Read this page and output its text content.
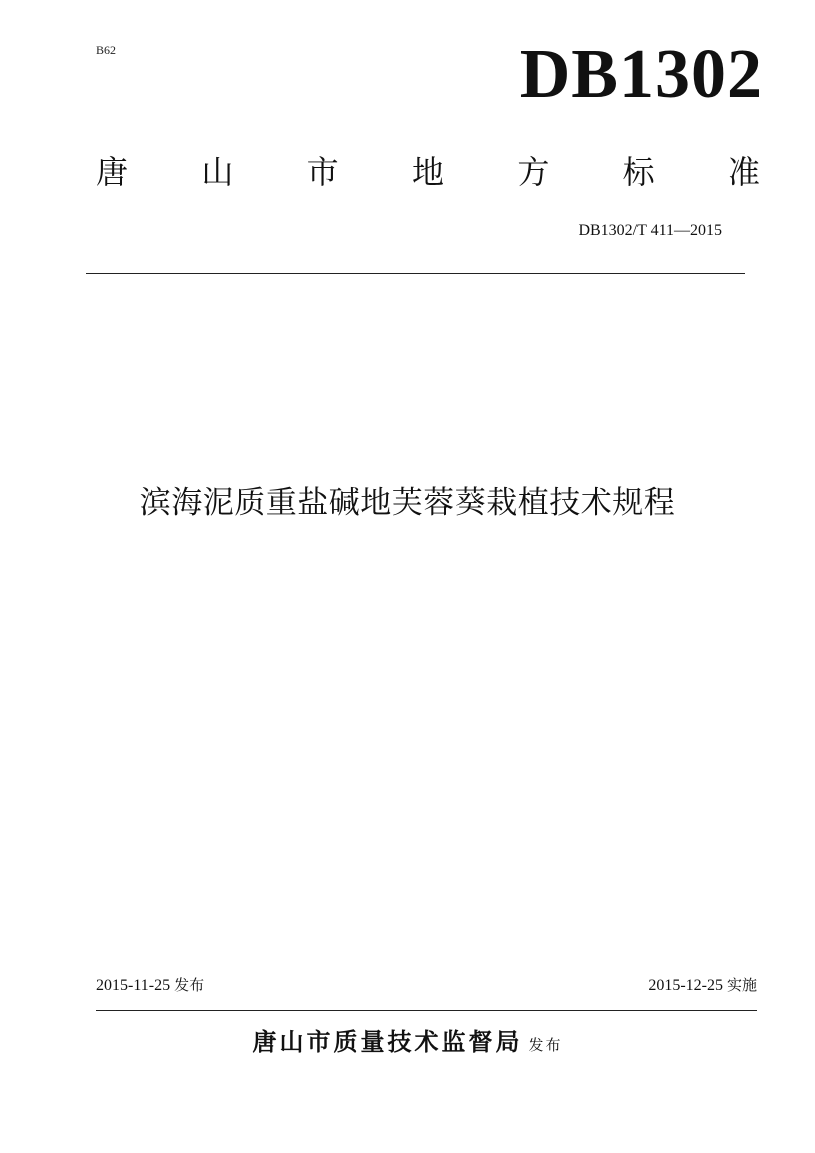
B62	DB1302
唐 山 市 地 方 标 准
DB1302/T 411—2015
滨海泥质重盐碱地芙蓉葵栽植技术规程
2015-11-25 发布	2015-12-25 实施
唐山市质量技术监督局 发布
